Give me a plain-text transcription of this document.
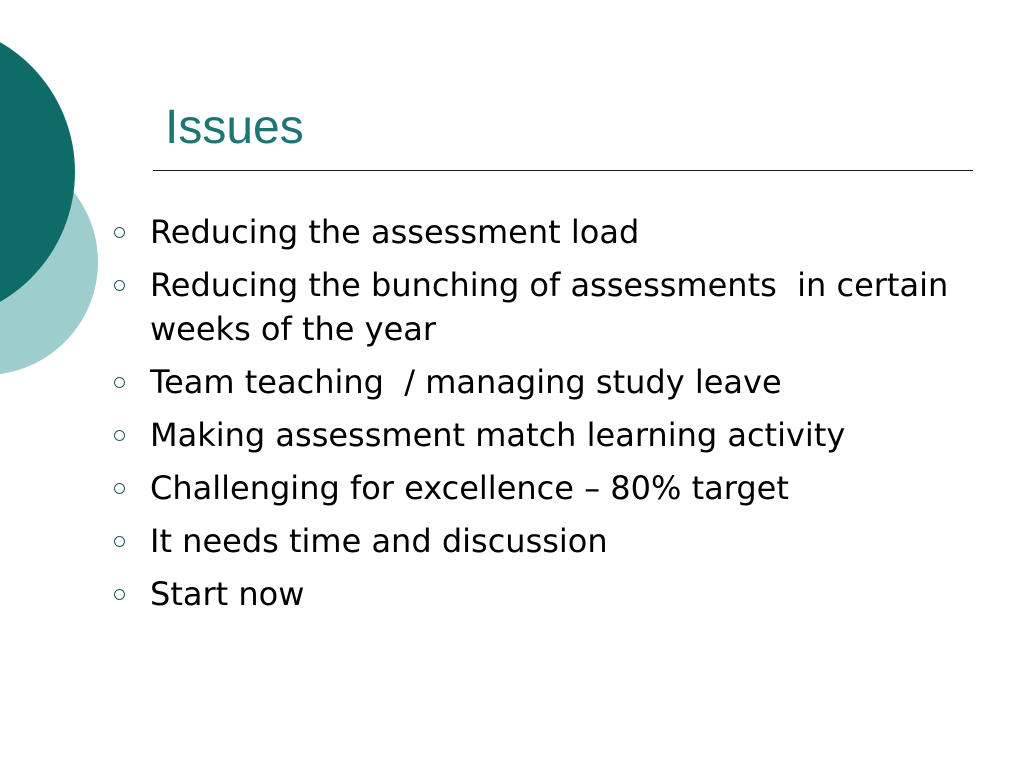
Issues
Reducing the assessment load
Reducing the bunching of assessments  in certain weeks of the year
Team teaching  / managing study leave
Making assessment match learning activity
Challenging for excellence – 80% target
It needs time and discussion
Start now
